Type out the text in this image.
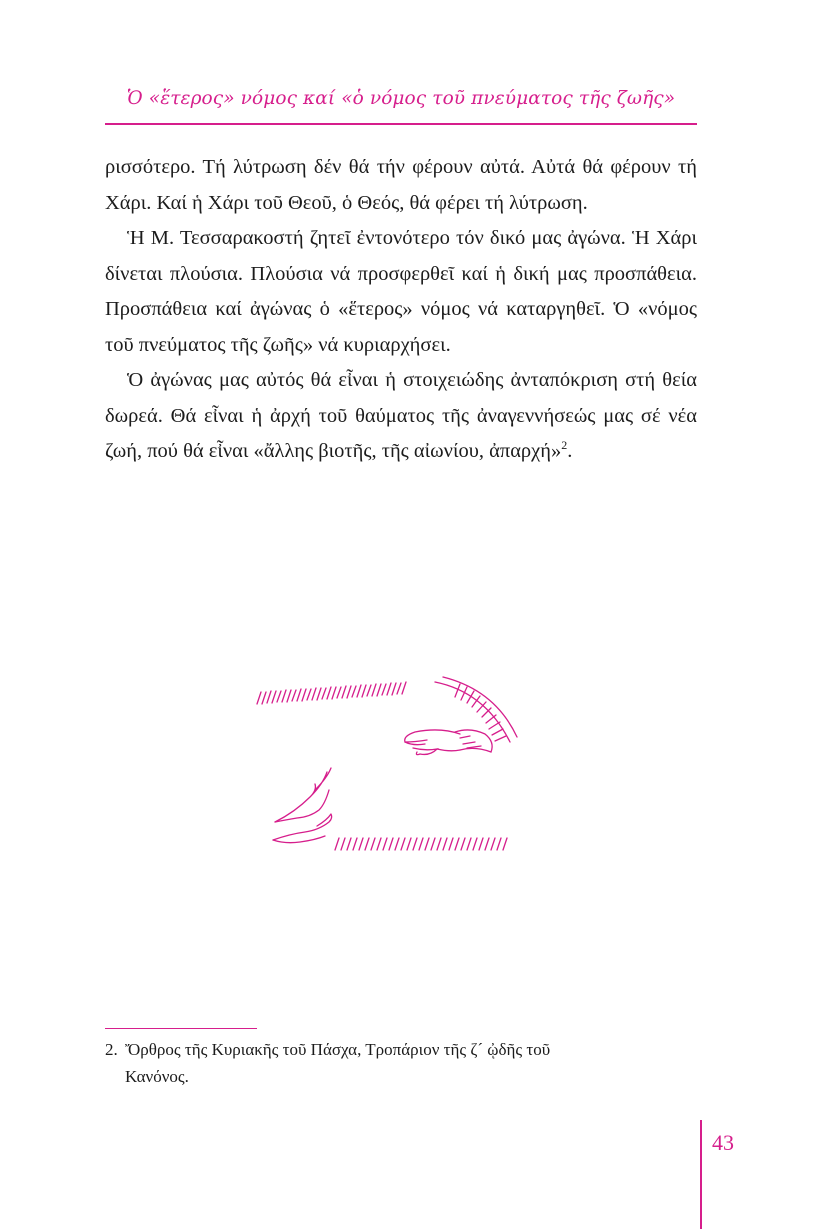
Ὁ «ἕτερος» νόμος καί «ὁ νόμος τοῦ πνεύματος τῆς ζωῆς»

ρισσότερο. Τή λύτρωση δέν θά τήν φέρουν αὐτά. Αὐτά θά φέρουν τή Χάρι. Καί ἡ Χάρι τοῦ Θεοῦ, ὁ Θεός, θά φέρει τή λύτρωση.

Ἡ Μ. Τεσσαρακοστή ζητεῖ ἐντονότερο τόν δικό μας ἀγώνα. Ἡ Χάρι δίνεται πλούσια. Πλούσια νά προσφερθεῖ καί ἡ δική μας προσπάθεια. Προσπάθεια καί ἀγώνας ὁ «ἕτερος» νόμος νά καταργηθεῖ. Ὁ «νόμος τοῦ πνεύματος τῆς ζωῆς» νά κυριαρχήσει.

Ὁ ἀγώνας μας αὐτός θά εἶναι ἡ στοιχειώδης ἀνταπόκριση στή θεία δωρεά. Θά εἶναι ἡ ἀρχή τοῦ θαύματος τῆς ἀναγεννήσεώς μας σέ νέα ζωή, πού θά εἶναι «ἄλλης βιοτῆς, τῆς αἰωνίου, ἀπαρχή»$^2$.

2. Ὄρθρος τῆς Κυριακῆς τοῦ Πάσχα, Τροπάριον τῆς ζ´ ᾠδῆς τοῦ
Κανόνος.
43
